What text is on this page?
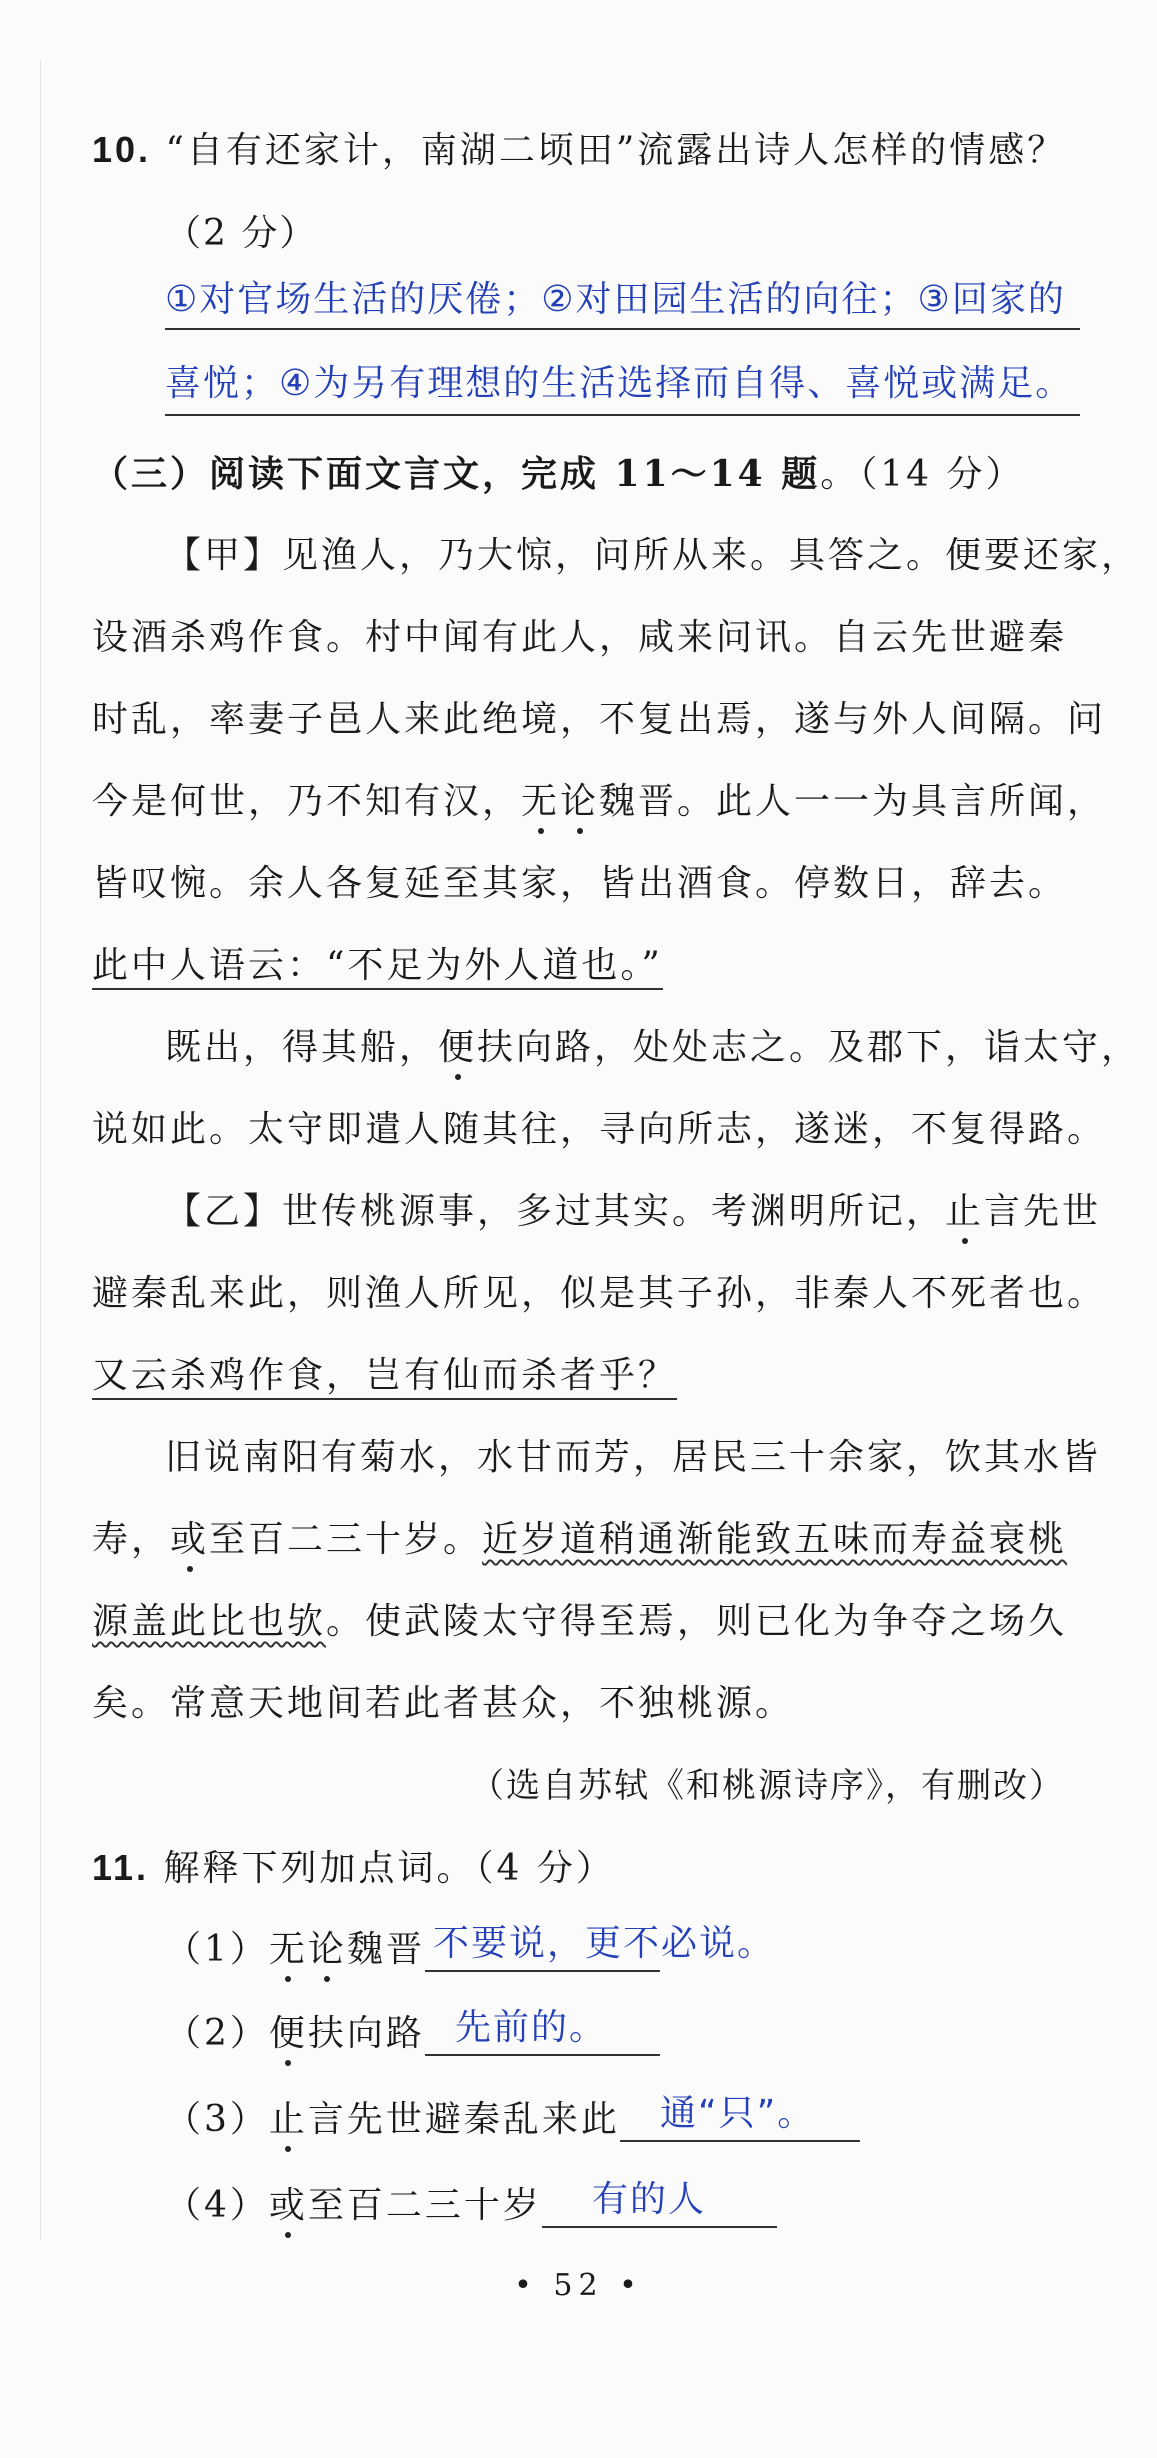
10. “自有还家计，南湖二顷田”流露出诗人怎样的情感？
（2 分）
①对官场生活的厌倦；②对田园生活的向往；③回家的
喜悦；④为另有理想的生活选择而自得、喜悦或满足。
（三）阅读下面文言文，完成 11～14 题。（14 分）
【甲】见渔人，乃大惊，问所从来。具答之。便要还家，
设酒杀鸡作食。村中闻有此人，咸来问讯。自云先世避秦
时乱，率妻子邑人来此绝境，不复出焉，遂与外人间隔。问
今是何世，乃不知有汉，无论魏晋。此人一一为具言所闻，
皆叹惋。余人各复延至其家，皆出酒食。停数日，辞去。
此中人语云：“不足为外人道也。”
既出，得其船，便扶向路，处处志之。及郡下，诣太守，
说如此。太守即遣人随其往，寻向所志，遂迷，不复得路。
【乙】世传桃源事，多过其实。考渊明所记，止言先世
避秦乱来此，则渔人所见，似是其子孙，非秦人不死者也。
又云杀鸡作食，岂有仙而杀者乎？
旧说南阳有菊水，水甘而芳，居民三十余家，饮其水皆
寿，或至百二三十岁。近岁道稍通渐能致五味而寿益衰桃
源盖此比也欤。使武陵太守得至焉，则已化为争夺之场久
矣。常意天地间若此者甚众，不独桃源。
（选自苏轼《和桃源诗序》，有删改）
11. 解释下列加点词。（4 分）
（1）无论魏晋 不要说，更不必说。
（2）便扶向路 先前的。
（3）止言先世避秦乱来此 通“只”。
（4）或至百二三十岁 有的人
• 52 •
